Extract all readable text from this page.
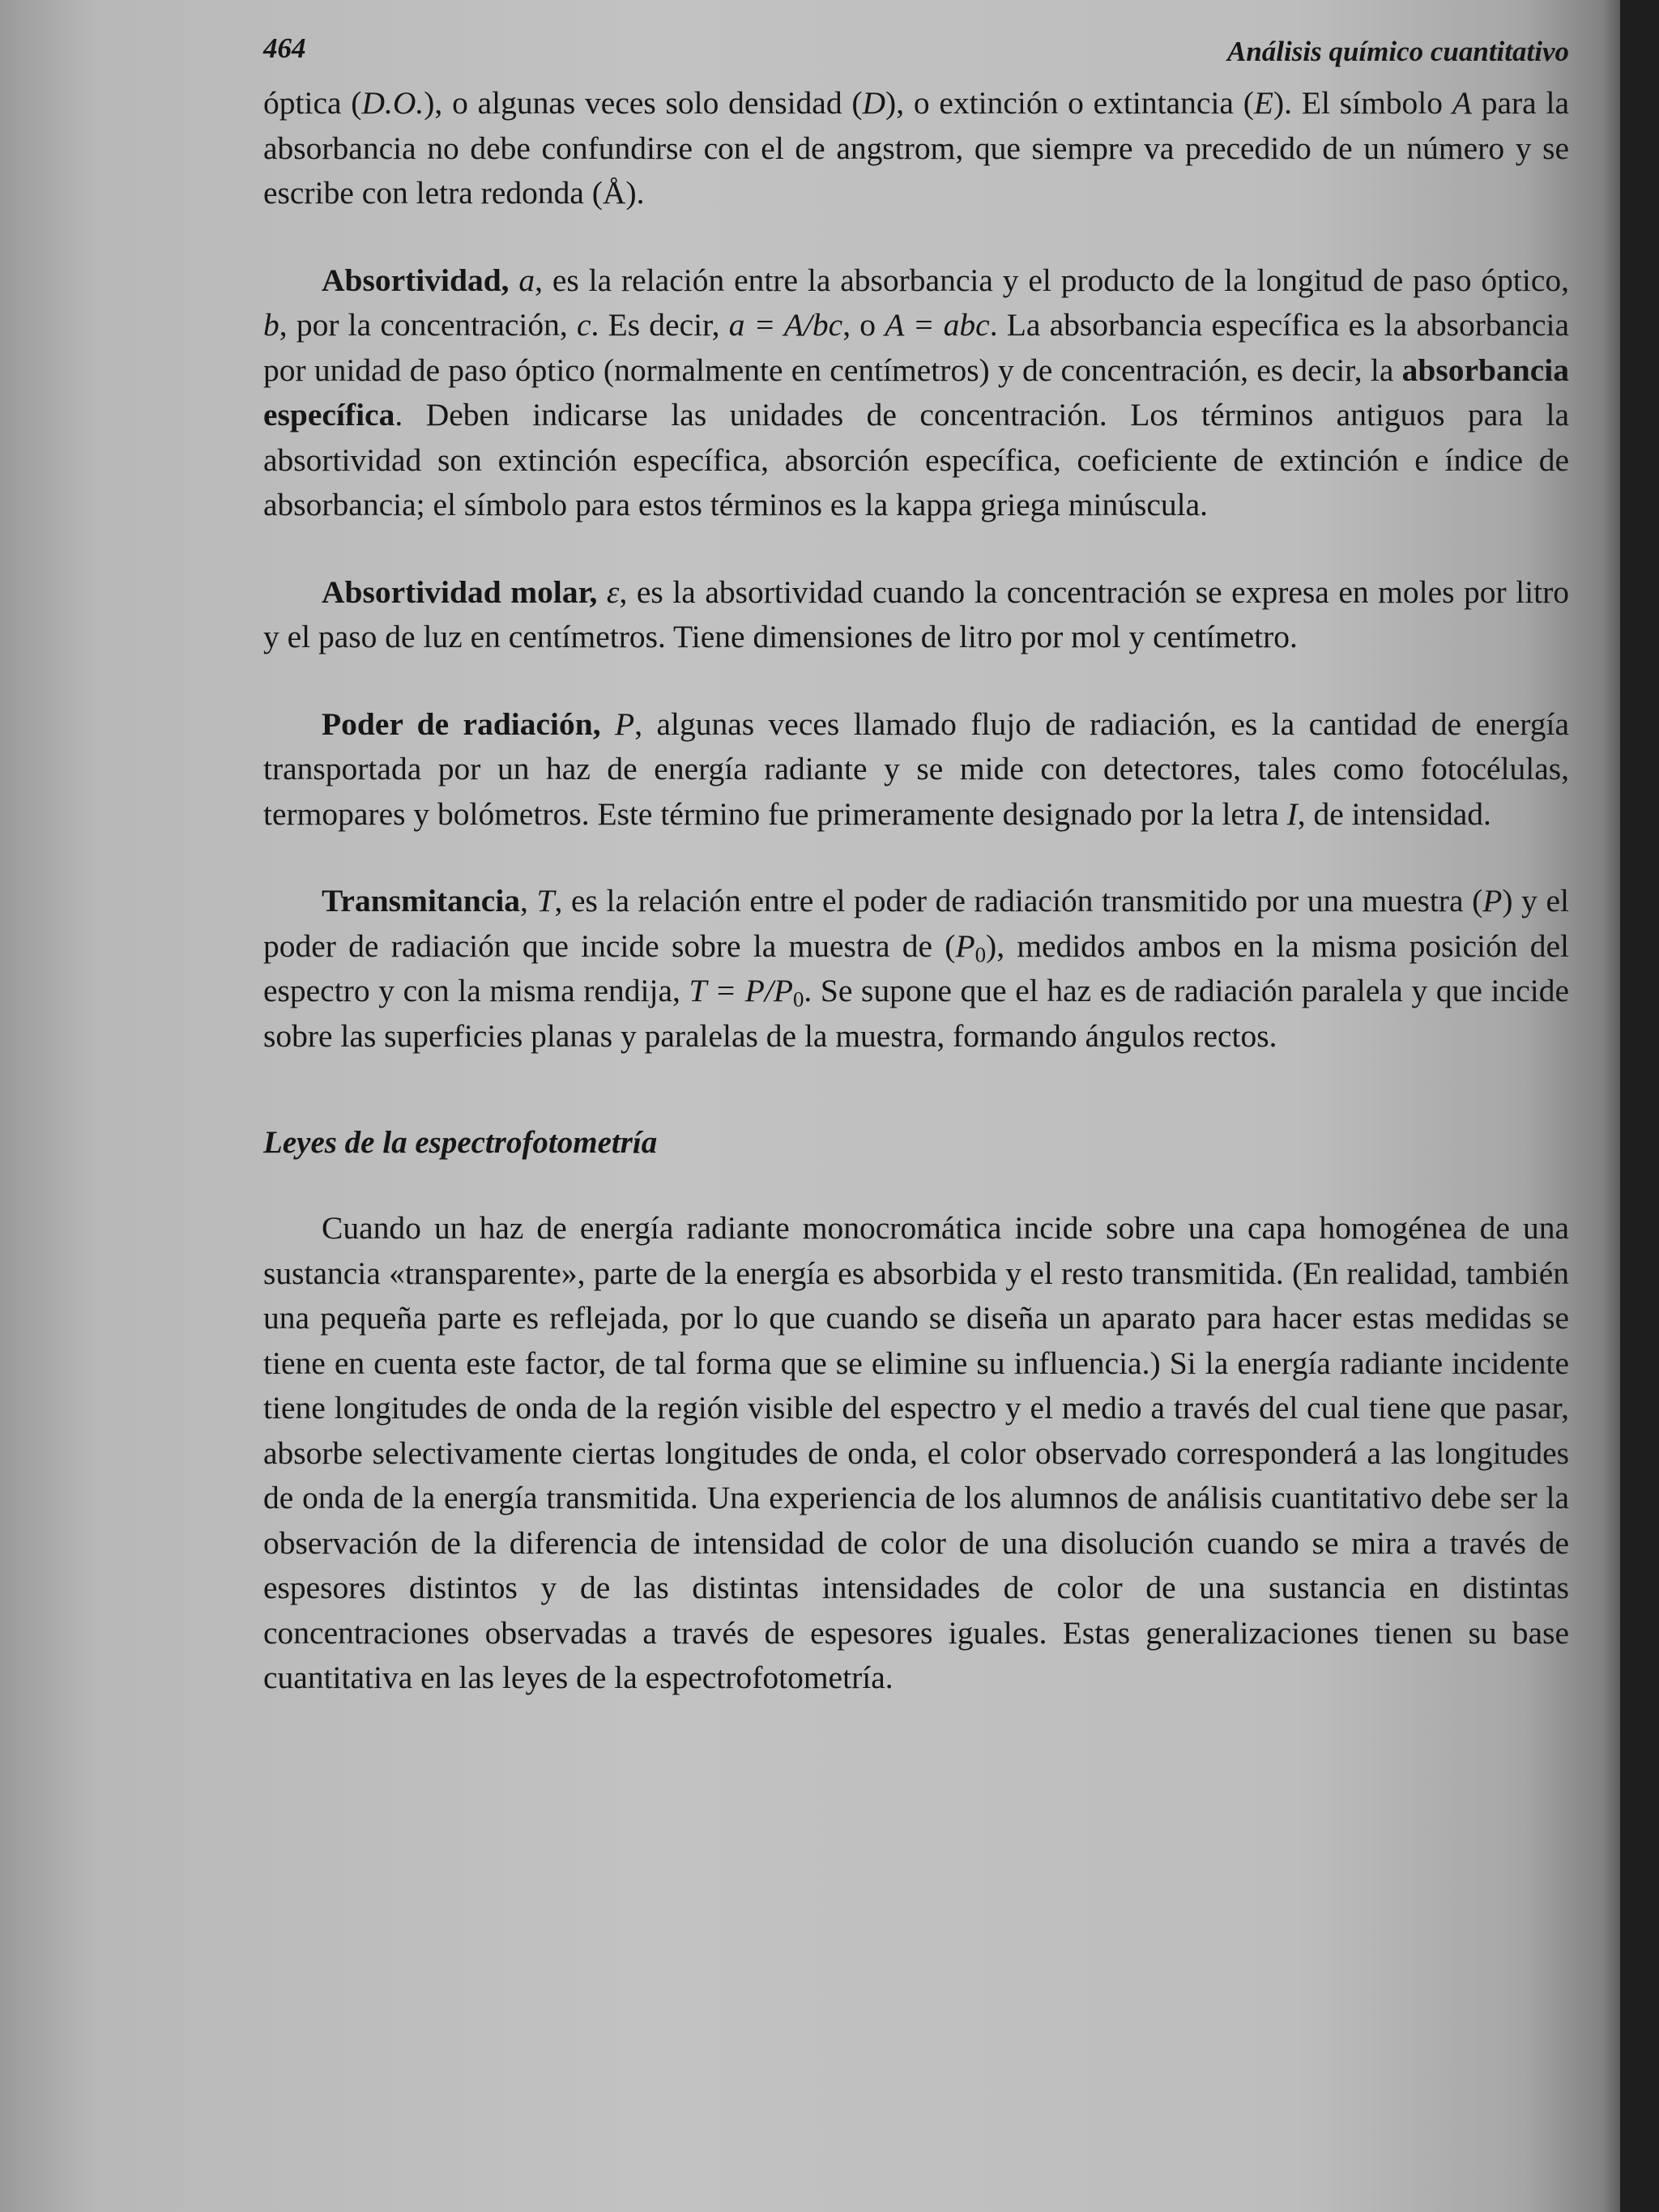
464	Análisis químico cuantitativo

óptica (D.O.), o algunas veces solo densidad (D), o extinción o extintancia (E). El símbolo A para la absorbancia no debe confundirse con el de angstrom, que siempre va precedido de un número y se escribe con letra redonda (Å).

Absortividad, a, es la relación entre la absorbancia y el producto de la longitud de paso óptico, b, por la concentración, c. Es decir, a = A/bc, o A = abc. La absorbancia específica es la absorbancia por unidad de paso óptico (normalmente en centímetros) y de concentración, es decir, la absorbancia específica. Deben indicarse las unidades de concentración. Los términos antiguos para la absortividad son extinción específica, absorción específica, coeficiente de extinción e índice de absorbancia; el símbolo para estos términos es la kappa griega minúscula.

Absortividad molar, ε, es la absortividad cuando la concentración se expresa en moles por litro y el paso de luz en centímetros. Tiene dimensiones de litro por mol y centímetro.

Poder de radiación, P, algunas veces llamado flujo de radiación, es la cantidad de energía transportada por un haz de energía radiante y se mide con detectores, tales como fotocélulas, termopares y bolómetros. Este término fue primeramente designado por la letra I, de intensidad.

Transmitancia, T, es la relación entre el poder de radiación transmitido por una muestra (P) y el poder de radiación que incide sobre la muestra de $(P_0)$, medidos ambos en la misma posición del espectro y con la misma rendija, $T = P/P_0$. Se supone que el haz es de radiación paralela y que incide sobre las superficies planas y paralelas de la muestra, formando ángulos rectos.

Leyes de la espectrofotometría

Cuando un haz de energía radiante monocromática incide sobre una capa homogénea de una sustancia «transparente», parte de la energía es absorbida y el resto transmitida. (En realidad, también una pequeña parte es reflejada, por lo que cuando se diseña un aparato para hacer estas medidas se tiene en cuenta este factor, de tal forma que se elimine su influencia.) Si la energía radiante incidente tiene longitudes de onda de la región visible del espectro y el medio a través del cual tiene que pasar, absorbe selectivamente ciertas longitudes de onda, el color observado corresponderá a las longitudes de onda de la energía transmitida. Una experiencia de los alumnos de análisis cuantitativo debe ser la observación de la diferencia de intensidad de color de una disolución cuando se mira a través de espesores distintos y de las distintas intensidades de color de una sustancia en distintas concentraciones observadas a través de espesores iguales. Estas generalizaciones tienen su base cuantitativa en las leyes de la espectrofotometría.
